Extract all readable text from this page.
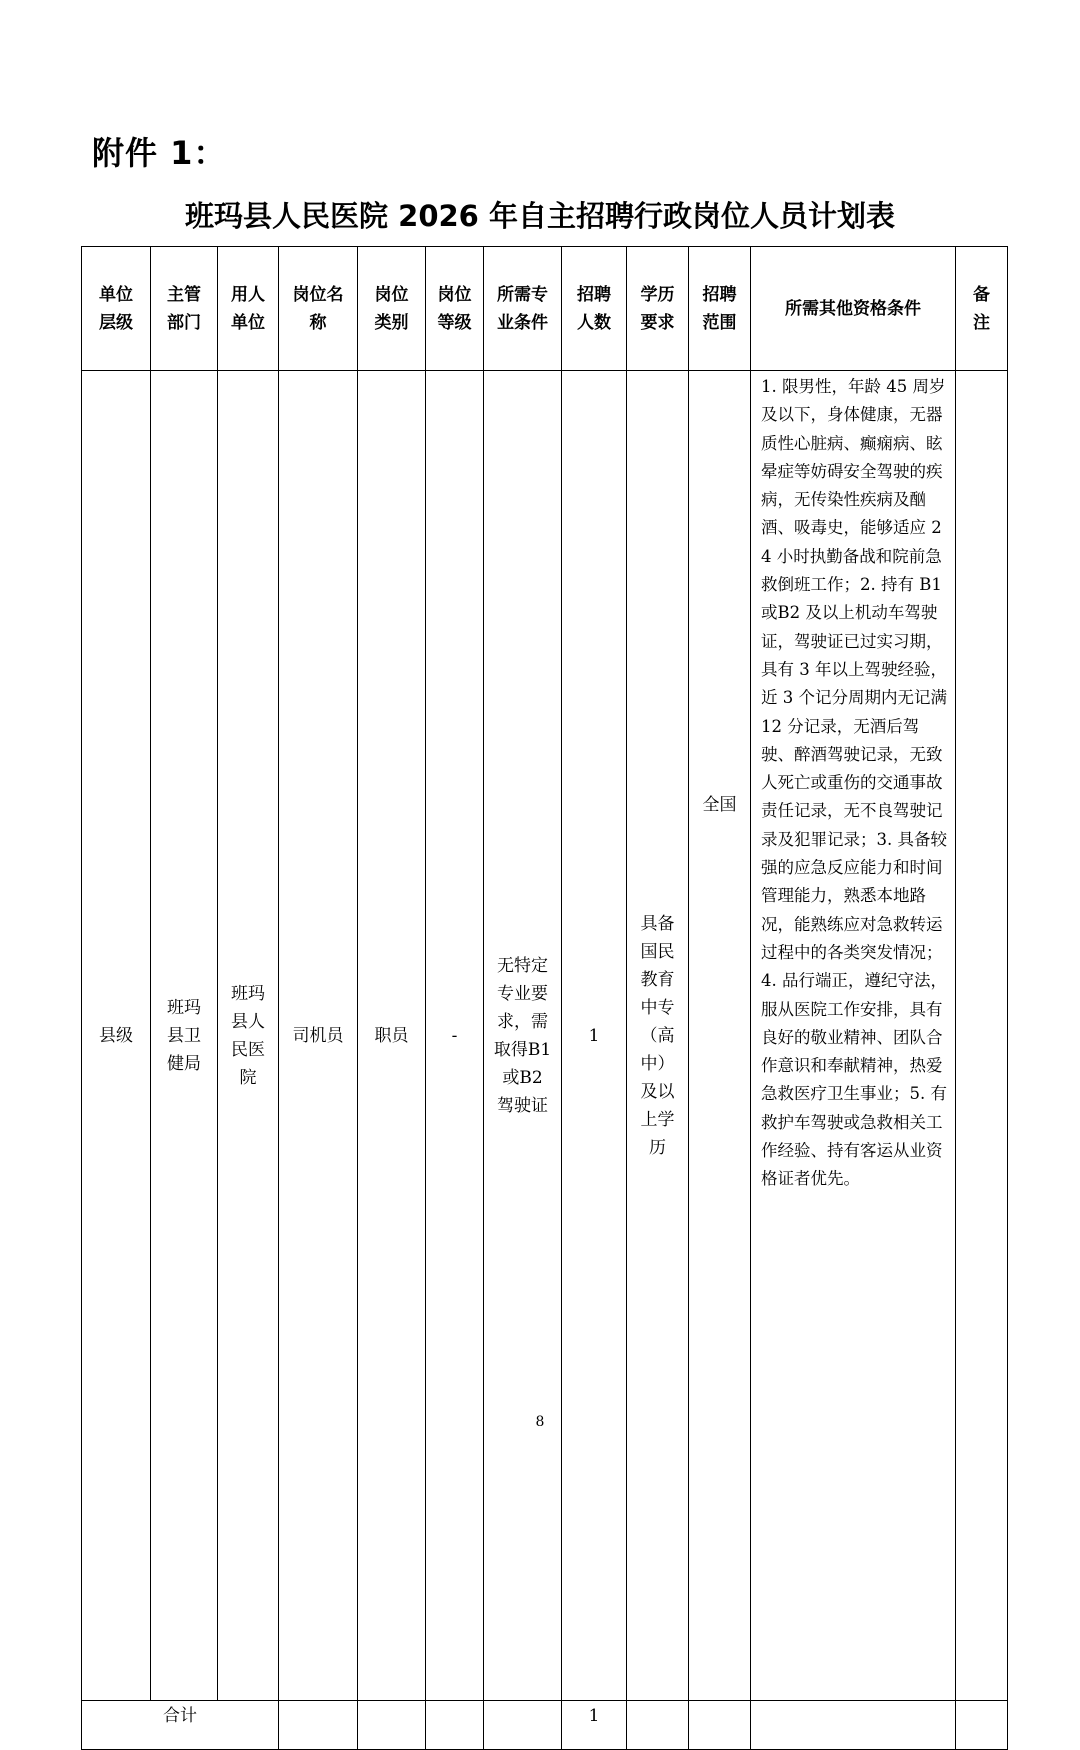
附件 1：
班玛县人民医院 2026 年自主招聘行政岗位人员计划表
单位层级	主管部门	用人单位	岗位名称	岗位类别	岗位等级	所需专业条件	招聘人数	学历要求	招聘范围	所需其他资格条件	备注
县级	班玛县卫健局	班玛县人民医院	司机员	职员	-	无特定专业要求，需取得B1 或B2 驾驶证	1	具备国民教育中专（高中）及以上学历	全国	1. 限男性，年龄 45 周岁及以下，身体健康，无器质性心脏病、癫痫病、眩晕症等妨碍安全驾驶的疾病，无传染性疾病及酗酒、吸毒史，能够适应 24 小时执勤备战和院前急救倒班工作；2. 持有 B1 或B2 及以上机动车驾驶证，驾驶证已过实习期，具有 3 年以上驾驶经验，近 3 个记分周期内无记满 12 分记录，无酒后驾驶、醉酒驾驶记录，无致人死亡或重伤的交通事故责任记录，无不良驾驶记录及犯罪记录；3. 具备较强的应急反应能力和时间管理能力，熟悉本地路况，能熟练应对急救转运过程中的各类突发情况；4. 品行端正，遵纪守法，服从医院工作安排，具有良好的敬业精神、团队合作意识和奉献精神，热爱急救医疗卫生事业；5. 有救护车驾驶或急救相关工作经验、持有客运从业资格证者优先。	
合计							1				
8
